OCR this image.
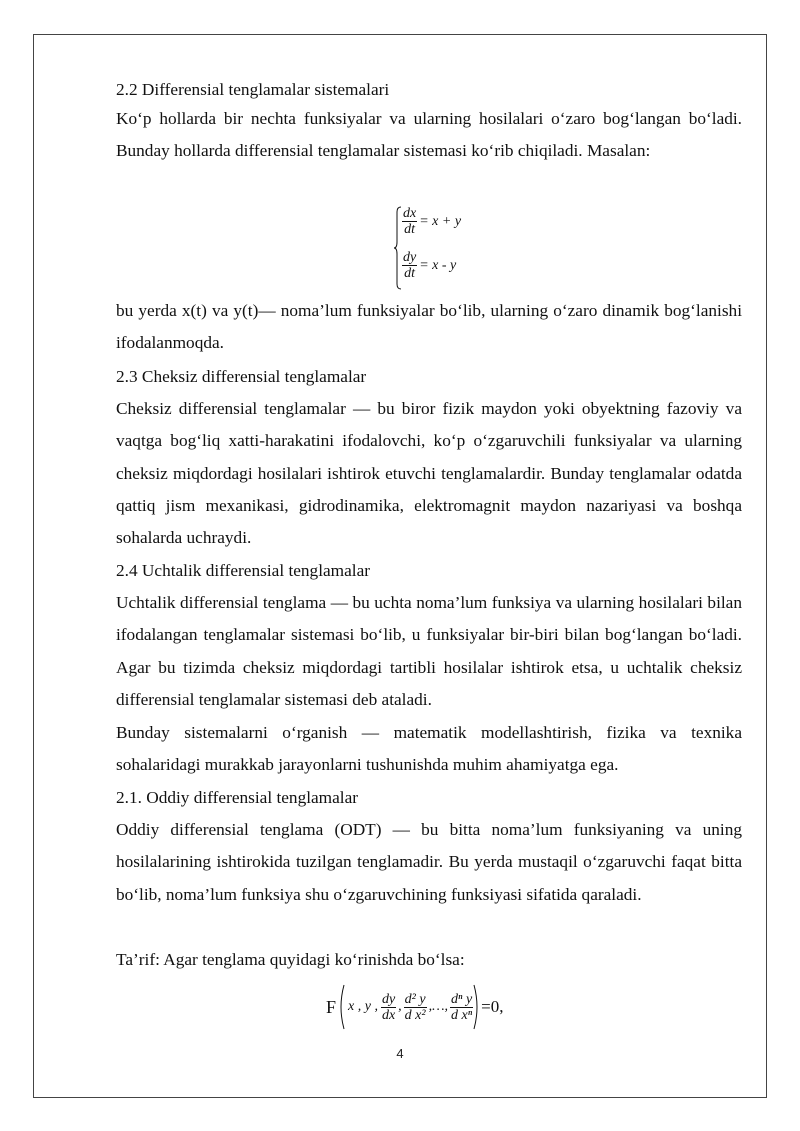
2.2 Differensial tenglamalar sistemalari
Ko‘p hollarda bir nechta funksiyalar va ularning hosilalari o‘zaro bog‘langan bo‘ladi. Bunday hollarda differensial tenglamalar sistemasi ko‘rib chiqiladi. Masalan:
$\frac{dx}{dt} = x + y$
$\frac{dy}{dt} = x - y$
bu yerda x(t) va y(t)— noma’lum funksiyalar bo‘lib, ularning o‘zaro dinamik bog‘lanishi ifodalanmoqda.
2.3 Cheksiz differensial tenglamalar
Cheksiz differensial tenglamalar — bu biror fizik maydon yoki obyektning fazoviy va vaqtga bog‘liq xatti-harakatini ifodalovchi, ko‘p o‘zgaruvchili funksiyalar va ularning cheksiz miqdordagi hosilalari ishtirok etuvchi tenglamalardir. Bunday tenglamalar odatda qattiq jism mexanikasi, gidrodinamika, elektromagnit maydon nazariyasi va boshqa sohalarda uchraydi.
2.4 Uchtalik differensial tenglamalar
Uchtalik differensial tenglama — bu uchta noma’lum funksiya va ularning hosilalari bilan ifodalangan tenglamalar sistemasi bo‘lib, u funksiyalar bir-biri bilan bog‘langan bo‘ladi. Agar bu tizimda cheksiz miqdordagi tartibli hosilalar ishtirok etsa, u uchtalik cheksiz differensial tenglamalar sistemasi deb ataladi.
Bunday sistemalarni o‘rganish — matematik modellashtirish, fizika va texnika sohalaridagi murakkab jarayonlarni tushunishda muhim ahamiyatga ega.
2.1. Oddiy differensial tenglamalar
Oddiy differensial tenglama (ODT) — bu bitta noma’lum funksiyaning va uning hosilalarining ishtirokida tuzilgan tenglamadir. Bu yerda mustaqil o‘zgaruvchi faqat bitta bo‘lib, noma’lum funksiya shu o‘zgaruvchining funksiyasi sifatida qaraladi.
Ta’rif: Agar tenglama quyidagi ko‘rinishda bo‘lsa:
F x , y , $\frac{dy}{dx}$ , $\frac{\text{d² y}}{\text{d x²}}$ ,…, $\frac{\text{dⁿ y}}{\text{d xⁿ}} =0$,
4
